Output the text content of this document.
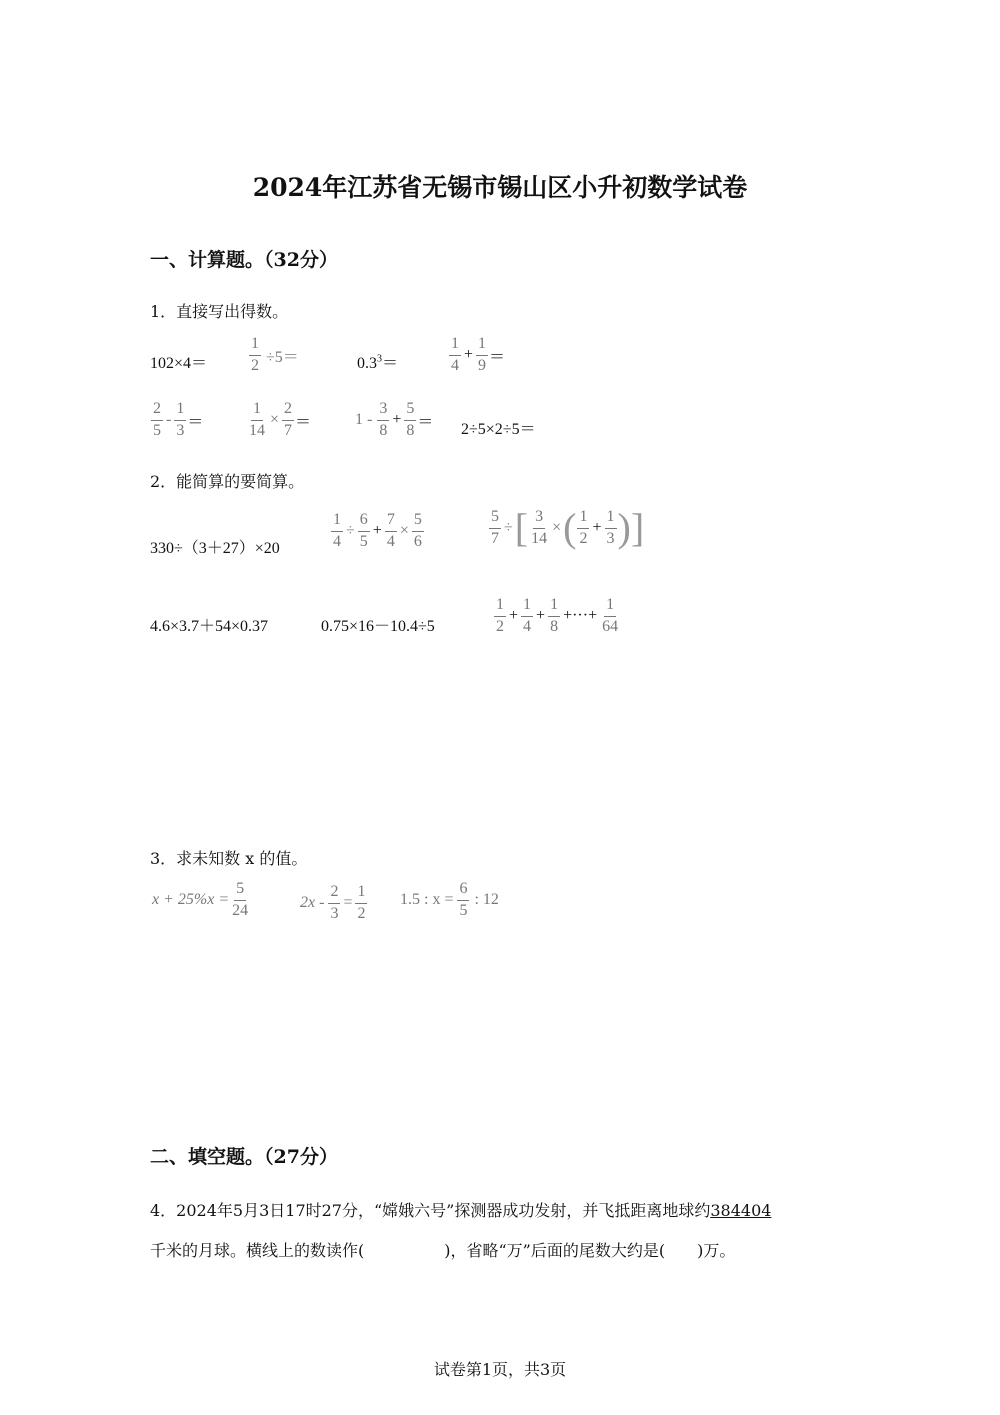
2024年江苏省无锡市锡山区小升初数学试卷
一、计算题。（32分）
1．直接写出得数。
102×4＝	$\frac{1}{2} \div 5=$	$0.3^3=$	$\frac{1}{4} + \frac{1}{9}$ ＝
$\frac{2}{5} - \frac{1}{3}$ ＝	$\frac{1}{14} \times \frac{2}{7}$ ＝	$1 - \frac{3}{8} + \frac{5}{8} = 2\div 5\times 2\div 5=$
2．能简算的要简算。
330÷（3＋27）×20	$\frac{1}{4} \div \frac{6}{5} + \frac{7}{4} \times \frac{5}{6}$	$\frac{5}{7}$ ÷ [ $\frac{3}{14}$ × ( $\frac{1}{2} + \frac{1}{3}$ ) ]
4.6×3.7＋54×0.37	0.75×16－10.4÷5	$\frac{1}{2} + \frac{1}{4} + \frac{1}{8}$ +···+ $\frac{1}{64}$
3．求未知数 x 的值。
$x + 25\%x = \frac{5}{24}$	$2x - \frac{2}{3} = \frac{1}{2} 1.5$ : $x = \frac{6}{5}$ : 12
二、填空题。（27分）
4．2024年5月3日17时27分，“嫦娥六号”探测器成功发射，并飞抵距离地球约384404
千米的月球。横线上的数读作(　　　　　)，省略“万”后面的尾数大约是(　　)万。
试卷第1页，共3页
